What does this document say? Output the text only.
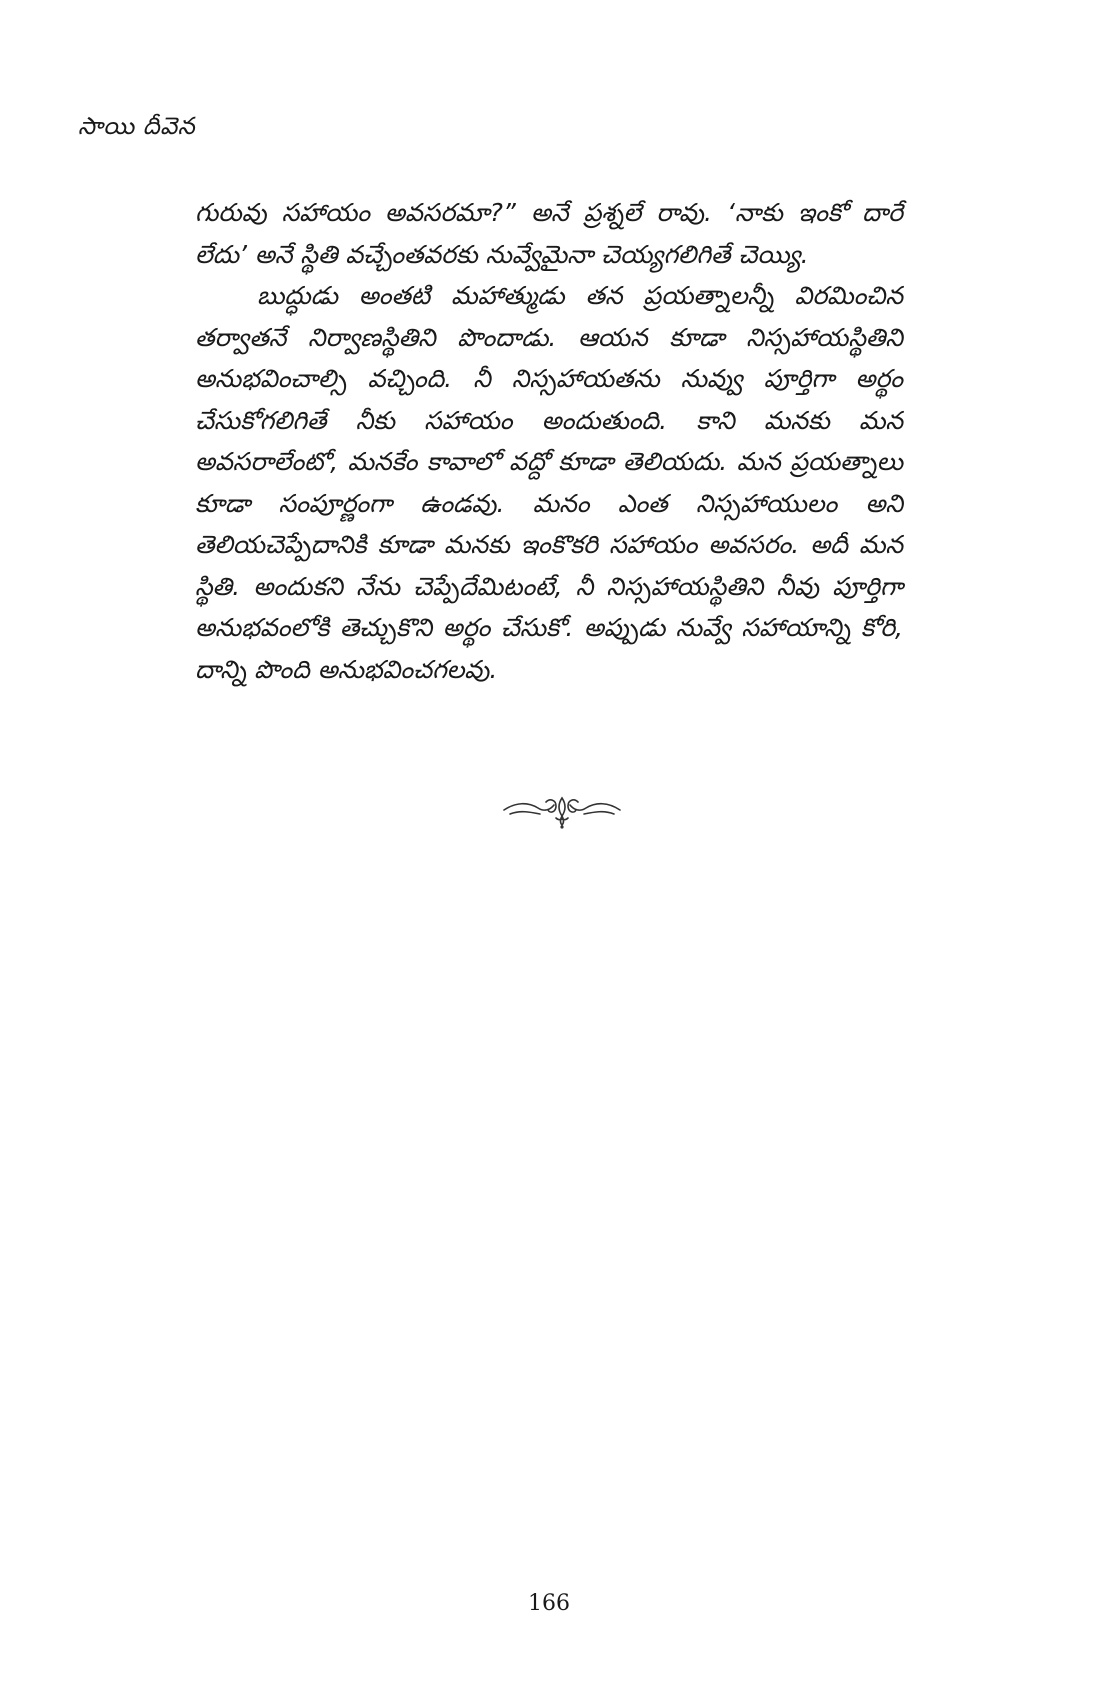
సాయి దీవెన

గురువు సహాయం అవసరమా?” అనే ప్రశ్నలే రావు. ‘నాకు ఇంకో దారే లేదు’ అనే స్థితి వచ్చేంతవరకు నువ్వేమైనా చెయ్యగలిగితే చెయ్యి.

బుద్ధుడు అంతటి మహాత్ముడు తన ప్రయత్నాలన్నీ విరమించిన తర్వాతనే నిర్వాణస్థితిని పొందాడు. ఆయన కూడా నిస్సహాయస్థితిని అనుభవించాల్సి వచ్చింది. నీ నిస్సహాయతను నువ్వు పూర్తిగా అర్థం చేసుకోగలిగితే నీకు సహాయం అందుతుంది. కాని మనకు మన అవసరాలేంటో, మనకేం కావాలో వద్దో కూడా తెలియదు. మన ప్రయత్నాలు కూడా సంపూర్ణంగా ఉండవు. మనం ఎంత నిస్సహాయులం అని తెలియచెప్పేదానికి కూడా మనకు ఇంకొకరి సహాయం అవసరం. అదీ మన స్థితి. అందుకని నేను చెప్పేదేమిటంటే, నీ నిస్సహాయస్థితిని నీవు పూర్తిగా అనుభవంలోకి తెచ్చుకొని అర్థం చేసుకో. అప్పుడు నువ్వే సహాయాన్ని కోరి, దాన్ని పొంది అనుభవించగలవు.

166
